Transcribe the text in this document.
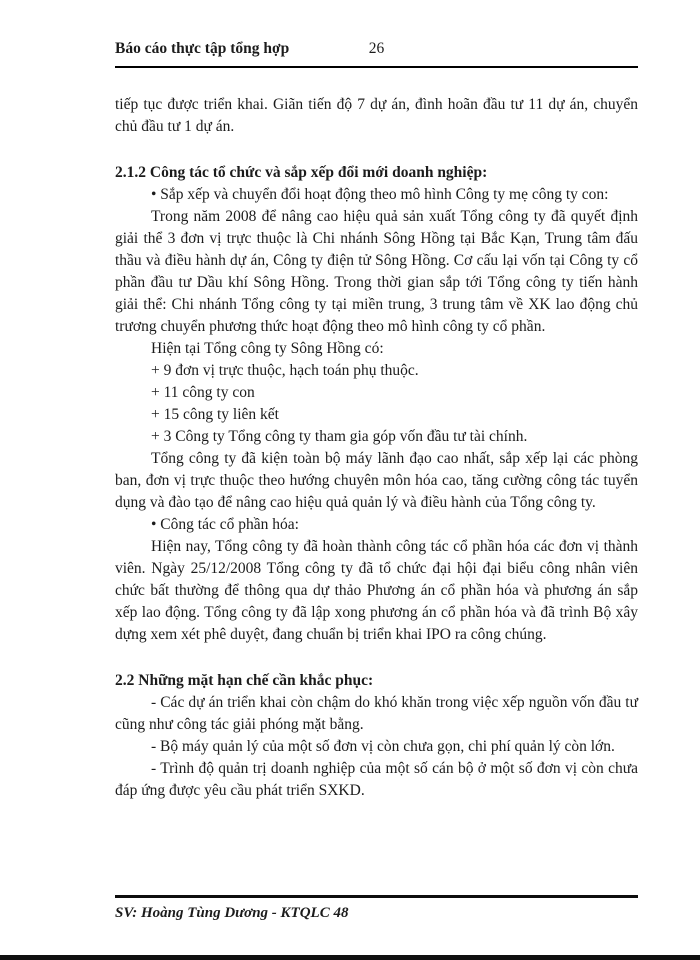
Báo cáo thực tập tổng hợp	26

tiếp tục được triển khai. Giãn tiến độ 7 dự án, đình hoãn đầu tư 11 dự án, chuyển chủ đầu tư 1 dự án.

2.1.2 Công tác tổ chức và sắp xếp đổi mới doanh nghiệp:

• Sắp xếp và chuyển đổi hoạt động theo mô hình Công ty mẹ công ty con:

Trong năm 2008 để nâng cao hiệu quả sản xuất Tổng công ty đã quyết định giải thể 3 đơn vị trực thuộc là Chi nhánh Sông Hồng tại Bắc Kạn, Trung tâm đấu thầu và điều hành dự án, Công ty điện tử Sông Hồng. Cơ cấu lại vốn tại Công ty cổ phần đầu tư Dầu khí Sông Hồng. Trong thời gian sắp tới Tổng công ty tiến hành giải thể: Chi nhánh Tổng công ty tại miền trung, 3 trung tâm về XK lao động chủ trương chuyển phương thức hoạt động theo mô hình công ty cổ phần.

Hiện tại Tổng công ty Sông Hồng có:

+ 9 đơn vị trực thuộc, hạch toán phụ thuộc.

+ 11 công ty con

+ 15 công ty liên kết

+ 3 Công ty Tổng công ty tham gia góp vốn đầu tư tài chính.

Tổng công ty đã kiện toàn bộ máy lãnh đạo cao nhất, sắp xếp lại các phòng ban, đơn vị trực thuộc theo hướng chuyên môn hóa cao, tăng cường công tác tuyển dụng và đào tạo để nâng cao hiệu quả quản lý và điều hành của Tổng công ty.

• Công tác cổ phần hóa:

Hiện nay, Tổng công ty đã hoàn thành công tác cổ phần hóa các đơn vị thành viên. Ngày 25/12/2008 Tổng công ty đã tổ chức đại hội đại biểu công nhân viên chức bất thường để thông qua dự thảo Phương án cổ phần hóa và phương án sắp xếp lao động. Tổng công ty đã lập xong phương án cổ phần hóa và đã trình Bộ xây dựng xem xét phê duyệt, đang chuẩn bị triển khai IPO ra công chúng.

2.2 Những mặt hạn chế cần khắc phục:

- Các dự án triển khai còn chậm do khó khăn trong việc xếp nguồn vốn đầu tư cũng như công tác giải phóng mặt bằng.

- Bộ máy quản lý của một số đơn vị còn chưa gọn, chi phí quản lý còn lớn.

- Trình độ quản trị doanh nghiệp của một số cán bộ ở một số đơn vị còn chưa đáp ứng được yêu cầu phát triển SXKD.

SV: Hoàng Tùng Dương - KTQLC 48
